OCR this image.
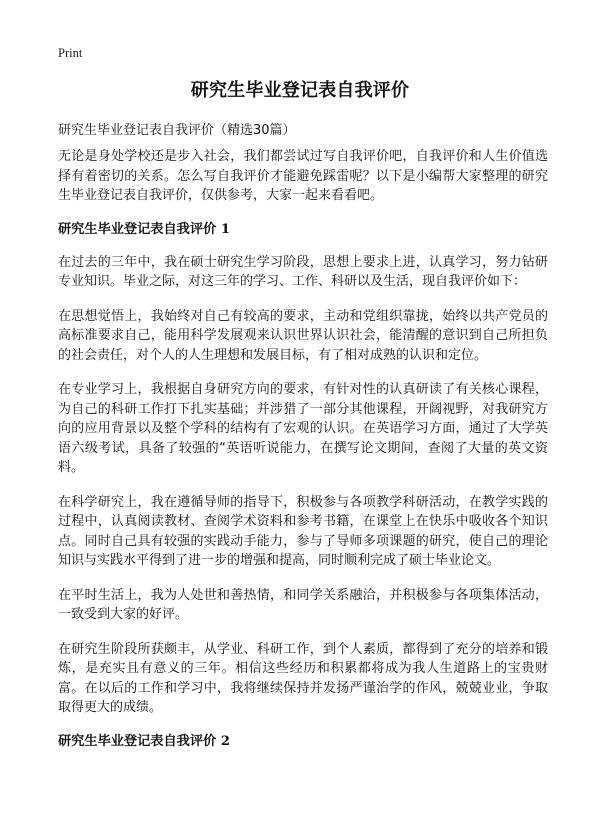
Print
研究生毕业登记表自我评价
研究生毕业登记表自我评价（精选30篇）

无论是身处学校还是步入社会，我们都尝试过写自我评价吧，自我评价和人生价值选择有着密切的关系。怎么写自我评价才能避免踩雷呢？以下是小编帮大家整理的研究生毕业登记表自我评价，仅供参考，大家一起来看看吧。

研究生毕业登记表自我评价 1

在过去的三年中，我在硕士研究生学习阶段，思想上要求上进，认真学习，努力钻研专业知识。毕业之际，对这三年的学习、工作、科研以及生活，现自我评价如下：

在思想觉悟上，我始终对自己有较高的要求，主动和党组织靠拢，始终以共产党员的高标准要求自己，能用科学发展观来认识世界认识社会，能清醒的意识到自己所担负的社会责任，对个人的人生理想和发展目标，有了相对成熟的认识和定位。

在专业学习上，我根据自身研究方向的要求，有针对性的认真研读了有关核心课程，为自己的科研工作打下扎实基础；并涉猎了一部分其他课程，开阔视野，对我研究方向的应用背景以及整个学科的结构有了宏观的认识。在英语学习方面，通过了大学英语六级考试，具备了较强的“英语听说能力，在撰写论文期间，查阅了大量的英文资料。

在科学研究上，我在遵循导师的指导下，积极参与各项教学科研活动，在教学实践的过程中，认真阅读教材、查阅学术资料和参考书籍，在课堂上在快乐中吸收各个知识点。同时自己具有较强的实践动手能力，参与了导师多项课题的研究，使自己的理论知识与实践水平得到了进一步的增强和提高，同时顺利完成了硕士毕业论文。

在平时生活上，我为人处世和善热情，和同学关系融洽，并积极参与各项集体活动，一致受到大家的好评。

在研究生阶段所获颇丰，从学业、科研工作，到个人素质，都得到了充分的培养和锻炼，是充实且有意义的三年。相信这些经历和积累都将成为我人生道路上的宝贵财富。在以后的工作和学习中，我将继续保持并发扬严谨治学的作风，兢兢业业，争取取得更大的成绩。

研究生毕业登记表自我评价 2
